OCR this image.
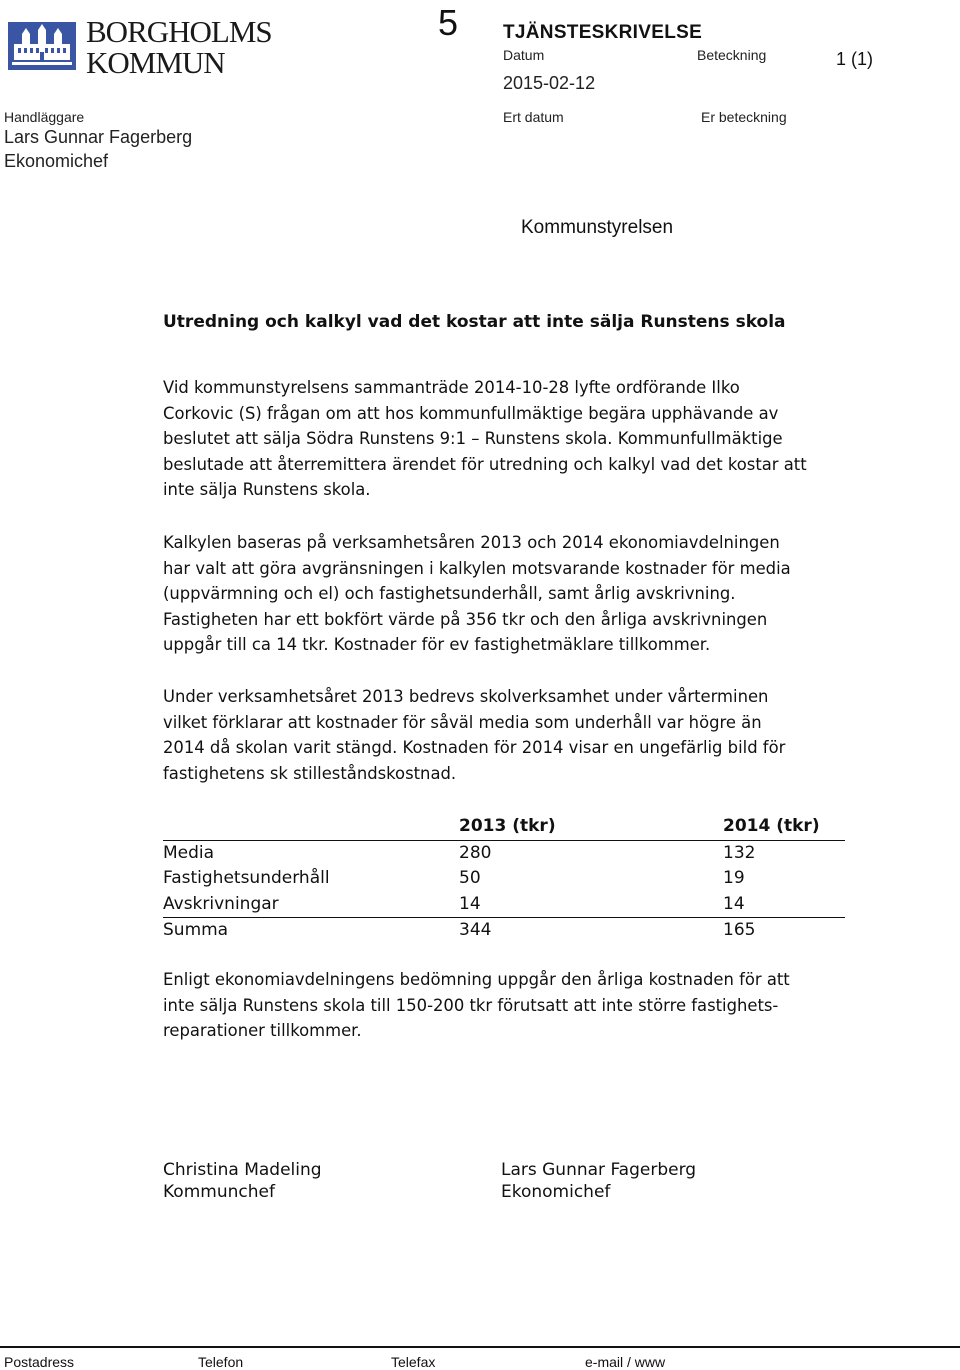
BORGHOLMS
KOMMUN
5 TJÄNSTESKRIVELSE
Datum
2015-02-12
Beteckning	1 (1)
Handläggare
Lars Gunnar Fagerberg
Ekonomichef
Ert datum	Er beteckning
Kommunstyrelsen
Utredning och kalkyl vad det kostar att inte sälja Runstens skola

Vid kommunstyrelsens sammanträde 2014-10-28 lyfte ordförande Ilko
Corkovic (S) frågan om att hos kommunfullmäktige begära upphävande av
beslutet att sälja Södra Runstens 9:1 – Runstens skola. Kommunfullmäktige
beslutade att återremittera ärendet för utredning och kalkyl vad det kostar att
inte sälja Runstens skola.

Kalkylen baseras på verksamhetsåren 2013 och 2014 ekonomiavdelningen
har valt att göra avgränsningen i kalkylen motsvarande kostnader för media
(uppvärmning och el) och fastighetsunderhåll, samt årlig avskrivning.
Fastigheten har ett bokfört värde på 356 tkr och den årliga avskrivningen
uppgår till ca 14 tkr. Kostnader för ev fastighetmäklare tillkommer.

Under verksamhetsåret 2013 bedrevs skolverksamhet under vårterminen
vilket förklarar att kostnader för såväl media som underhåll var högre än
2014 då skolan varit stängd. Kostnaden för 2014 visar en ungefärlig bild för
fastighetens sk stilleståndskostnad.

	2013 (tkr)	2014 (tkr)
Media	280	132
Fastighetsunderhåll	50	19
Avskrivningar	14	14
Summa	344	165

Enligt ekonomiavdelningens bedömning uppgår den årliga kostnaden för att
inte sälja Runstens skola till 150-200 tkr förutsatt att inte större fastighets-
reparationer tillkommer.

Christina Madeling
Kommunchef
Lars Gunnar Fagerberg
Ekonomichef
Postadress	Telefon	Telefax	e-mail / www
